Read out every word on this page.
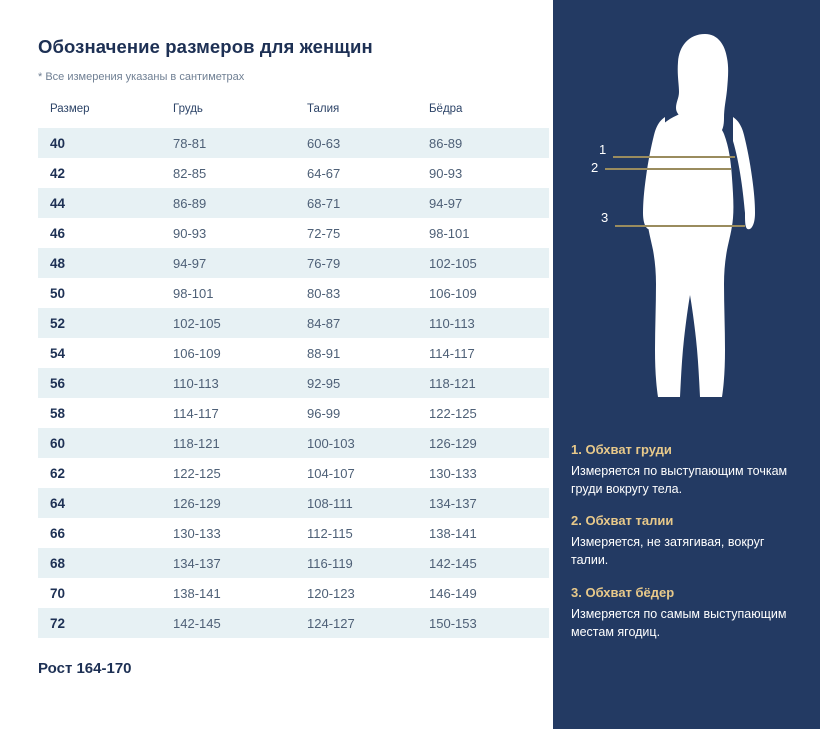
Обозначение размеров для женщин
* Все измерения указаны в сантиметрах
Размер	Грудь	Талия	Бёдра
40	78-81	60-63	86-89
42	82-85	64-67	90-93
44	86-89	68-71	94-97
46	90-93	72-75	98-101
48	94-97	76-79	102-105
50	98-101	80-83	106-109
52	102-105	84-87	110-113
54	106-109	88-91	114-117
56	110-113	92-95	118-121
58	114-117	96-99	122-125
60	118-121	100-103	126-129
62	122-125	104-107	130-133
64	126-129	108-111	134-137
66	130-133	112-115	138-141
68	134-137	116-119	142-145
70	138-141	120-123	146-149
72	142-145	124-127	150-153
Рост 164-170
1
2
3
1. Обхват груди
Измеряется по выступающим точкам груди вокругу тела.
2. Обхват талии
Измеряется, не затягивая, вокруг талии.
3. Обхват бёдер
Измеряется по самым выступающим местам ягодиц.
